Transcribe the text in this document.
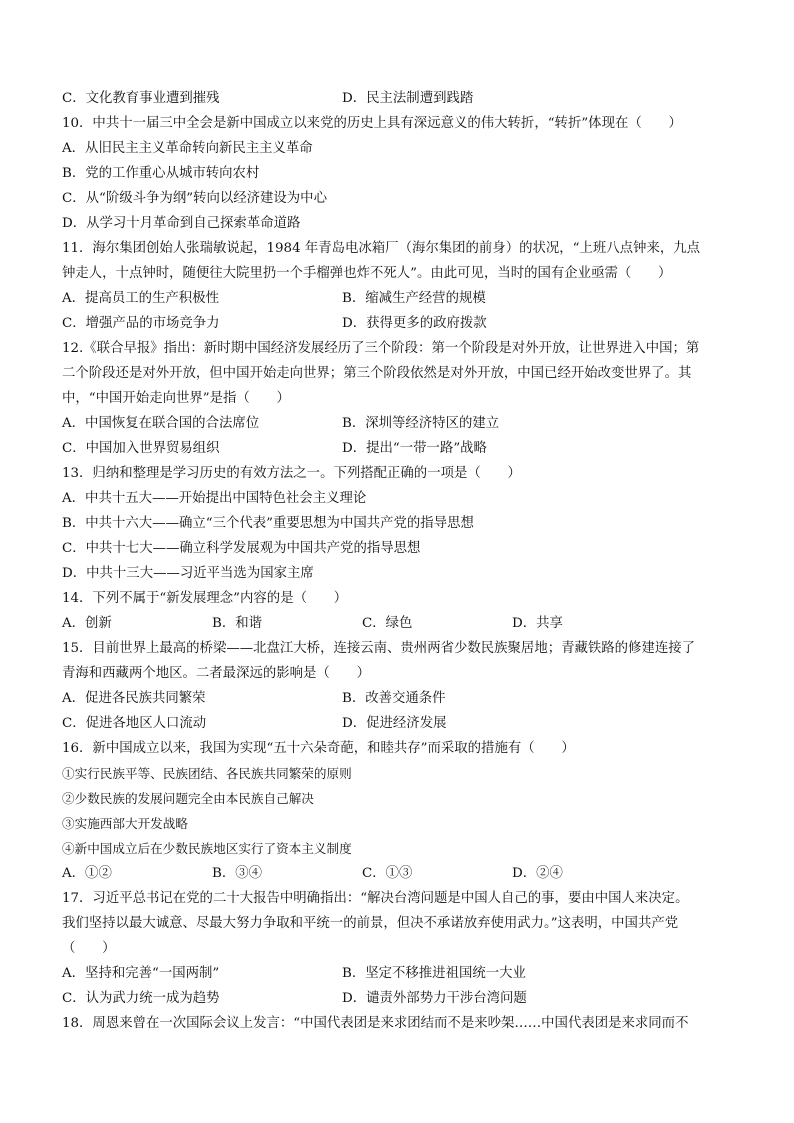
C．文化教育事业遭到摧残	D．民主法制遭到践踏
10．中共十一届三中全会是新中国成立以来党的历史上具有深远意义的伟大转折，“转折”体现在（　　）
A．从旧民主主义革命转向新民主主义革命
B．党的工作重心从城市转向农村
C．从“阶级斗争为纲”转向以经济建设为中心
D．从学习十月革命到自己探索革命道路
11．海尔集团创始人张瑞敏说起，1984 年青岛电冰箱厂（海尔集团的前身）的状况，“上班八点钟来，九点
钟走人，十点钟时，随便往大院里扔一个手榴弹也炸不死人”。由此可见，当时的国有企业亟需（　　）
A．提高员工的生产积极性	B．缩减生产经营的规模
C．增强产品的市场竞争力	D．获得更多的政府拨款
12.《联合早报》指出：新时期中国经济发展经历了三个阶段：第一个阶段是对外开放，让世界进入中国；第
二个阶段还是对外开放，但中国开始走向世界；第三个阶段依然是对外开放，中国已经开始改变世界了。其
中，“中国开始走向世界”是指（　　）
A．中国恢复在联合国的合法席位	B．深圳等经济特区的建立
C．中国加入世界贸易组织	D．提出“一带一路”战略
13．归纳和整理是学习历史的有效方法之一。下列搭配正确的一项是（　　）
A．中共十五大——开始提出中国特色社会主义理论
B．中共十六大——确立“三个代表”重要思想为中国共产党的指导思想
C．中共十七大——确立科学发展观为中国共产党的指导思想
D．中共十三大——习近平当选为国家主席
14．下列不属于“新发展理念”内容的是（　　）
A．创新	B．和谐	C．绿色	D．共享
15．目前世界上最高的桥梁——北盘江大桥，连接云南、贵州两省少数民族聚居地；青藏铁路的修建连接了
青海和西藏两个地区。二者最深远的影响是（　　）
A．促进各民族共同繁荣	B．改善交通条件
C．促进各地区人口流动	D．促进经济发展
16．新中国成立以来，我国为实现“五十六朵奇葩，和睦共存”而采取的措施有（　　）
①实行民族平等、民族团结、各民族共同繁荣的原则
②少数民族的发展问题完全由本民族自己解决
③实施西部大开发战略
④新中国成立后在少数民族地区实行了资本主义制度
A．①②	B．③④	C．①③	D．②④
17．习近平总书记在党的二十大报告中明确指出：“解决台湾问题是中国人自己的事，要由中国人来决定。
我们坚持以最大诚意、尽最大努力争取和平统一的前景，但决不承诺放弃使用武力。”这表明，中国共产党
（　　）
A．坚持和完善“一国两制”	B．坚定不移推进祖国统一大业
C．认为武力统一成为趋势	D．谴责外部势力干涉台湾问题
18．周恩来曾在一次国际会议上发言：“中国代表团是来求团结而不是来吵架……中国代表团是来求同而不
